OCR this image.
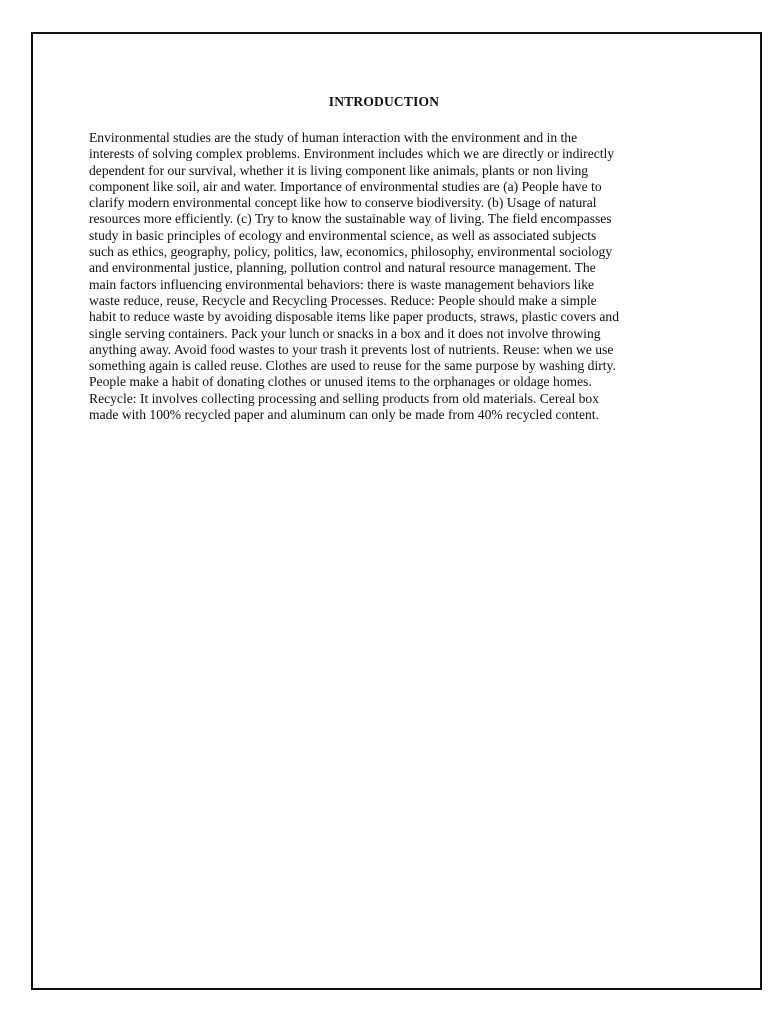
INTRODUCTION

Environmental studies are the study of human interaction with the environment and in the
interests of solving complex problems. Environment includes which we are directly or indirectly
dependent for our survival, whether it is living component like animals, plants or non living
component like soil, air and water. Importance of environmental studies are (a) People have to
clarify modern environmental concept like how to conserve biodiversity. (b) Usage of natural
resources more efficiently. (c) Try to know the sustainable way of living. The field encompasses
study in basic principles of ecology and environmental science, as well as associated subjects
such as ethics, geography, policy, politics, law, economics, philosophy, environmental sociology
and environmental justice, planning, pollution control and natural resource management. The
main factors influencing environmental behaviors: there is waste management behaviors like
waste reduce, reuse, Recycle and Recycling Processes. Reduce: People should make a simple
habit to reduce waste by avoiding disposable items like paper products, straws, plastic covers and
single serving containers. Pack your lunch or snacks in a box and it does not involve throwing
anything away. Avoid food wastes to your trash it prevents lost of nutrients. Reuse: when we use
something again is called reuse. Clothes are used to reuse for the same purpose by washing dirty.
People make a habit of donating clothes or unused items to the orphanages or oldage homes.
Recycle: It involves collecting processing and selling products from old materials. Cereal box
made with 100% recycled paper and aluminum can only be made from 40% recycled content.
